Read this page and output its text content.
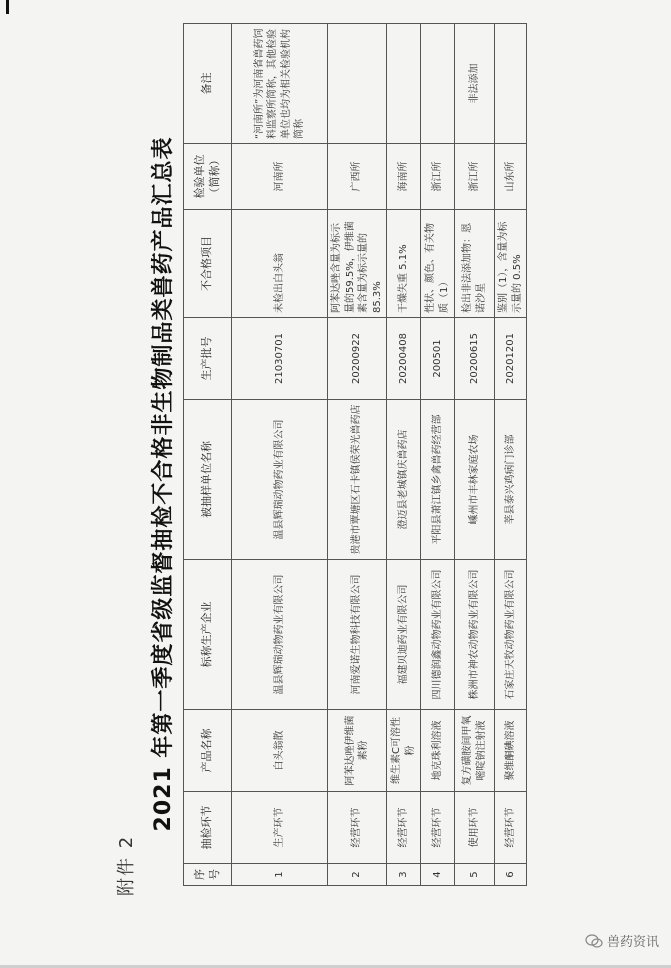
附件 2
2021 年第一季度省级监督抽检不合格非生物制品类兽药产品汇总表
序号	抽检环节	产品名称	标称生产企业	被抽样单位名称	生产批号	不合格项目	检验单位（简称）	备注
1	生产环节	白头翁散	温县辉瑞动物药业有限公司	温县辉瑞动物药业有限公司	21030701	未检出白头翁	河南所	“河南所”为河南省兽药饲料监察所简称，其他检验单位也均为相关检验机构简称
2	经营环节	阿苯达唑伊维菌素粉	河南爱诺生物科技有限公司	贵港市覃塘区石卡镇侯荣光兽药店	20200922	阿苯达唑含量为标示量的59.5%，伊维菌素含量为标示量的85.3%	广西所	
3	经营环节	维生素C可溶性粉	福建贝迪药业有限公司	澄迈县老城镇庆兽药店	20200408	干燥失重 5.1%	海南所	
4	经营环节	地克珠利溶液	四川德润鑫动物药业有限公司	平阳县萧江镇乡禽兽药经营部	200501	性状、颜色、有关物质（1）	浙江所	
5	使用环节	复方磺胺间甲氧嘧啶钠注射液	株洲市神农动物药业有限公司	嵊州市丰林家庭农场	20200615	检出非法添加物：恩诺沙星	浙江所	非法添加
6	经营环节	聚维酮碘溶液	石家庄天牧动物药业有限公司	莘县泰兴鸡病门诊部	20201201	鉴别（1），含量为标示量的 0.5%	山东所	
兽药资讯
